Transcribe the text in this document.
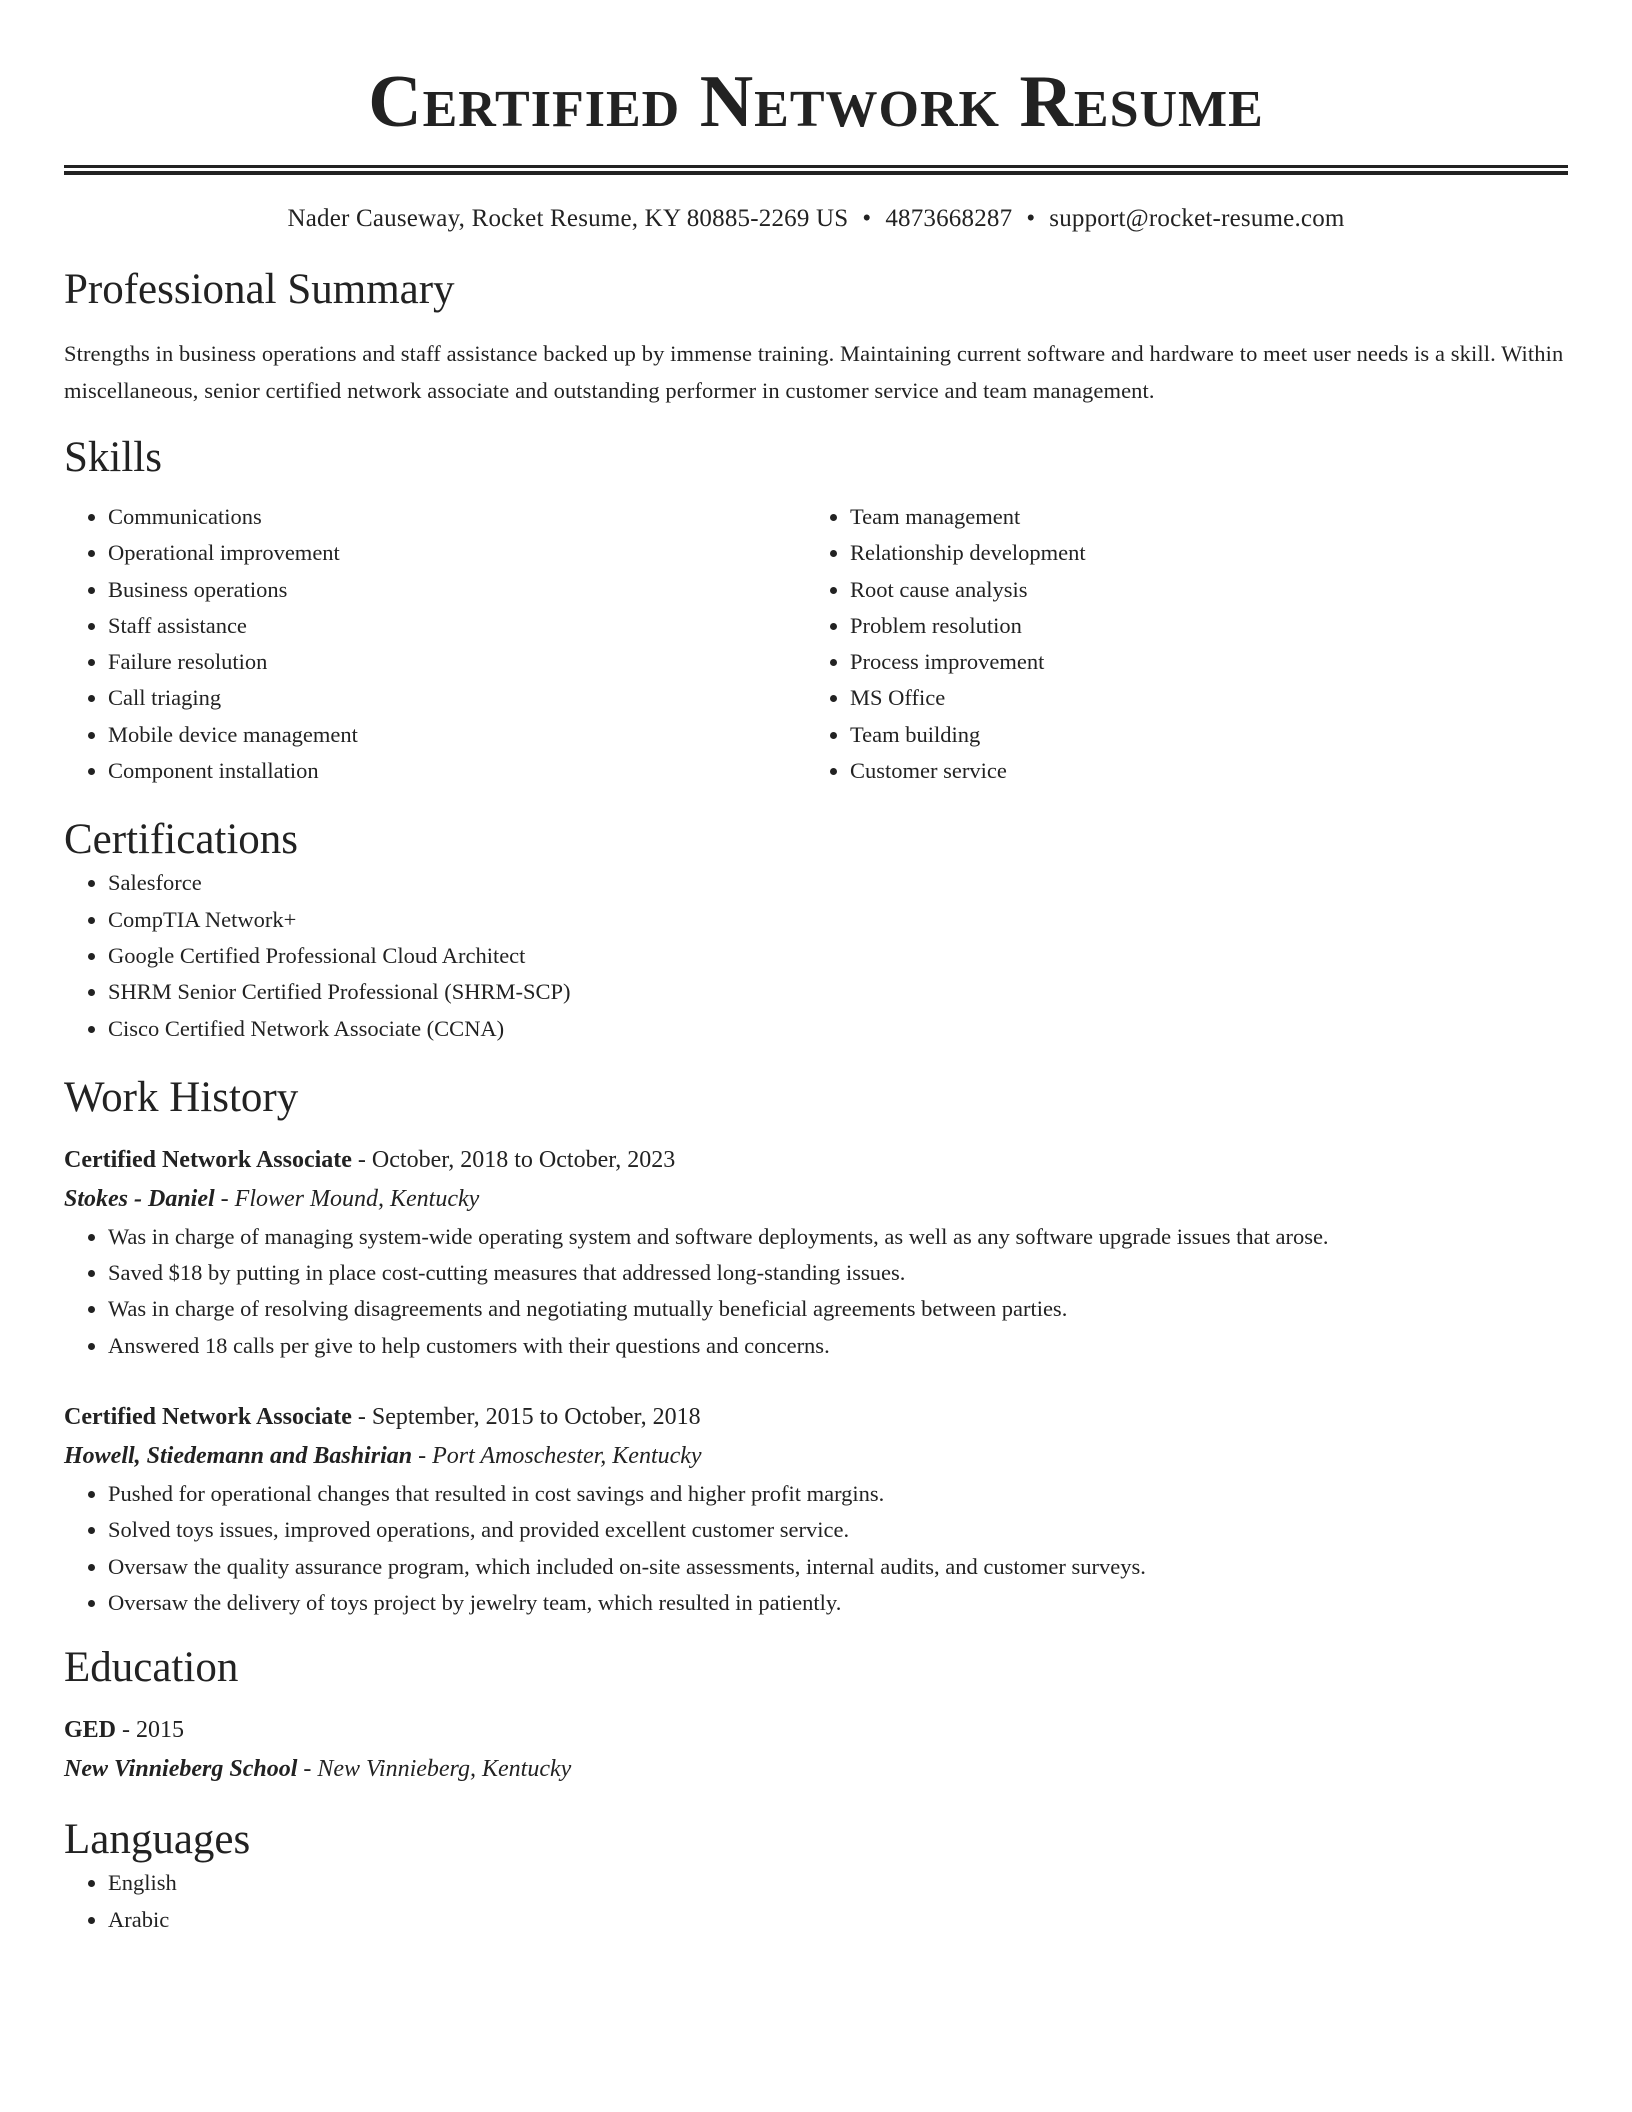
Certified Network Resume
Nader Causeway, Rocket Resume, KY 80885-2269 US • 4873668287 • support@rocket-resume.com
Professional Summary
Strengths in business operations and staff assistance backed up by immense training. Maintaining current software and hardware to meet user needs is a skill. Within miscellaneous, senior certified network associate and outstanding performer in customer service and team management.
Skills
• Communications
• Operational improvement
• Business operations
• Staff assistance
• Failure resolution
• Call triaging
• Mobile device management
• Component installation
• Team management
• Relationship development
• Root cause analysis
• Problem resolution
• Process improvement
• MS Office
• Team building
• Customer service
Certifications
• Salesforce
• CompTIA Network+
• Google Certified Professional Cloud Architect
• SHRM Senior Certified Professional (SHRM-SCP)
• Cisco Certified Network Associate (CCNA)
Work History
Certified Network Associate - October, 2018 to October, 2023
Stokes - Daniel - Flower Mound, Kentucky
• Was in charge of managing system-wide operating system and software deployments, as well as any software upgrade issues that arose.
• Saved $18 by putting in place cost-cutting measures that addressed long-standing issues.
• Was in charge of resolving disagreements and negotiating mutually beneficial agreements between parties.
• Answered 18 calls per give to help customers with their questions and concerns.
Certified Network Associate - September, 2015 to October, 2018
Howell, Stiedemann and Bashirian - Port Amoschester, Kentucky
• Pushed for operational changes that resulted in cost savings and higher profit margins.
• Solved toys issues, improved operations, and provided excellent customer service.
• Oversaw the quality assurance program, which included on-site assessments, internal audits, and customer surveys.
• Oversaw the delivery of toys project by jewelry team, which resulted in patiently.
Education
GED - 2015
New Vinnieberg School - New Vinnieberg, Kentucky
Languages
• English
• Arabic
